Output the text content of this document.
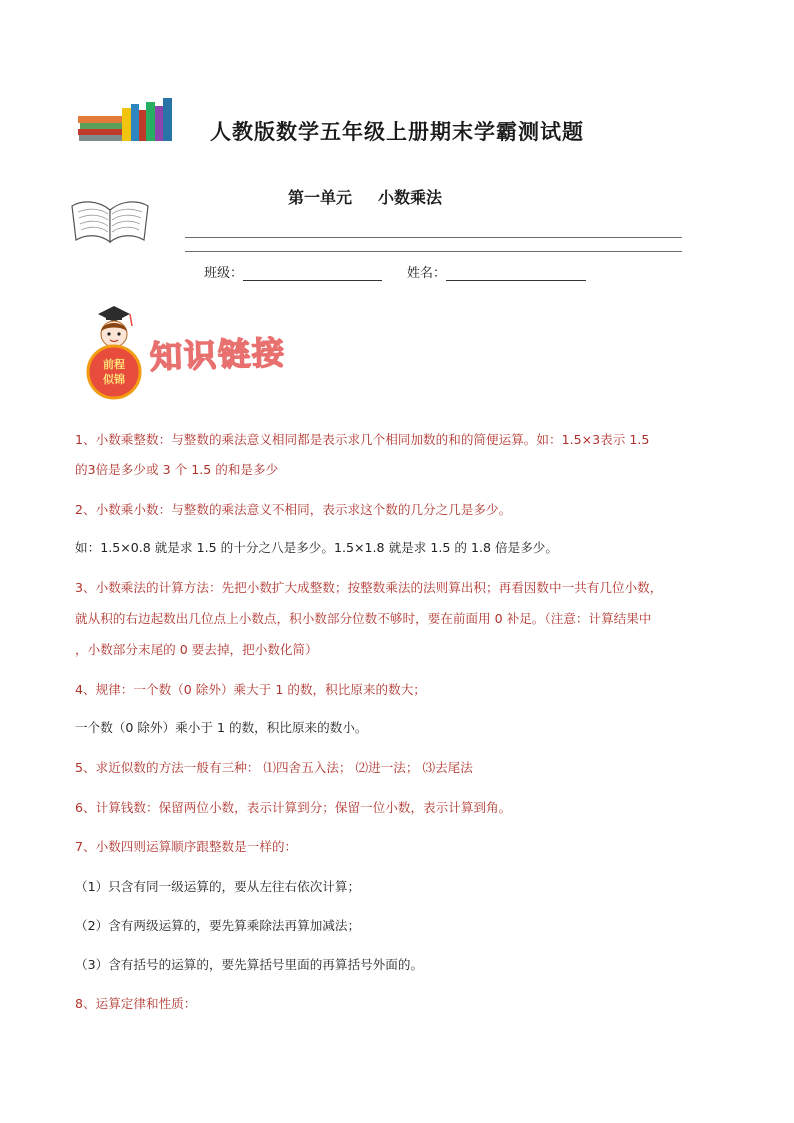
人教版数学五年级上册期末学霸测试题
第一单元 小数乘法
班级：	姓名：
前程
似锦
知识链接
1、小数乘整数：与整数的乘法意义相同都是表示求几个相同加数的和的简便运算。如：1.5×3表示 1.5
的3倍是多少或 3 个 1.5 的和是多少
2、小数乘小数：与整数的乘法意义不相同，表示求这个数的几分之几是多少。
如：1.5×0.8 就是求 1.5 的十分之八是多少。1.5×1.8 就是求 1.5 的 1.8 倍是多少。
3、小数乘法的计算方法：先把小数扩大成整数；按整数乘法的法则算出积；再看因数中一共有几位小数，
就从积的右边起数出几位点上小数点，积小数部分位数不够时，要在前面用 0 补足。（注意：计算结果中
，小数部分末尾的 0 要去掉，把小数化简）
4、规律：一个数（0 除外）乘大于 1 的数，积比原来的数大；
一个数（0 除外）乘小于 1 的数，积比原来的数小。
5、求近似数的方法一般有三种： ⑴四舍五入法； ⑵进一法； ⑶去尾法
6、计算钱数：保留两位小数，表示计算到分；保留一位小数，表示计算到角。
7、小数四则运算顺序跟整数是一样的：
（1）只含有同一级运算的，要从左往右依次计算；
（2）含有两级运算的，要先算乘除法再算加减法；
（3）含有括号的运算的，要先算括号里面的再算括号外面的。
8、运算定律和性质：
